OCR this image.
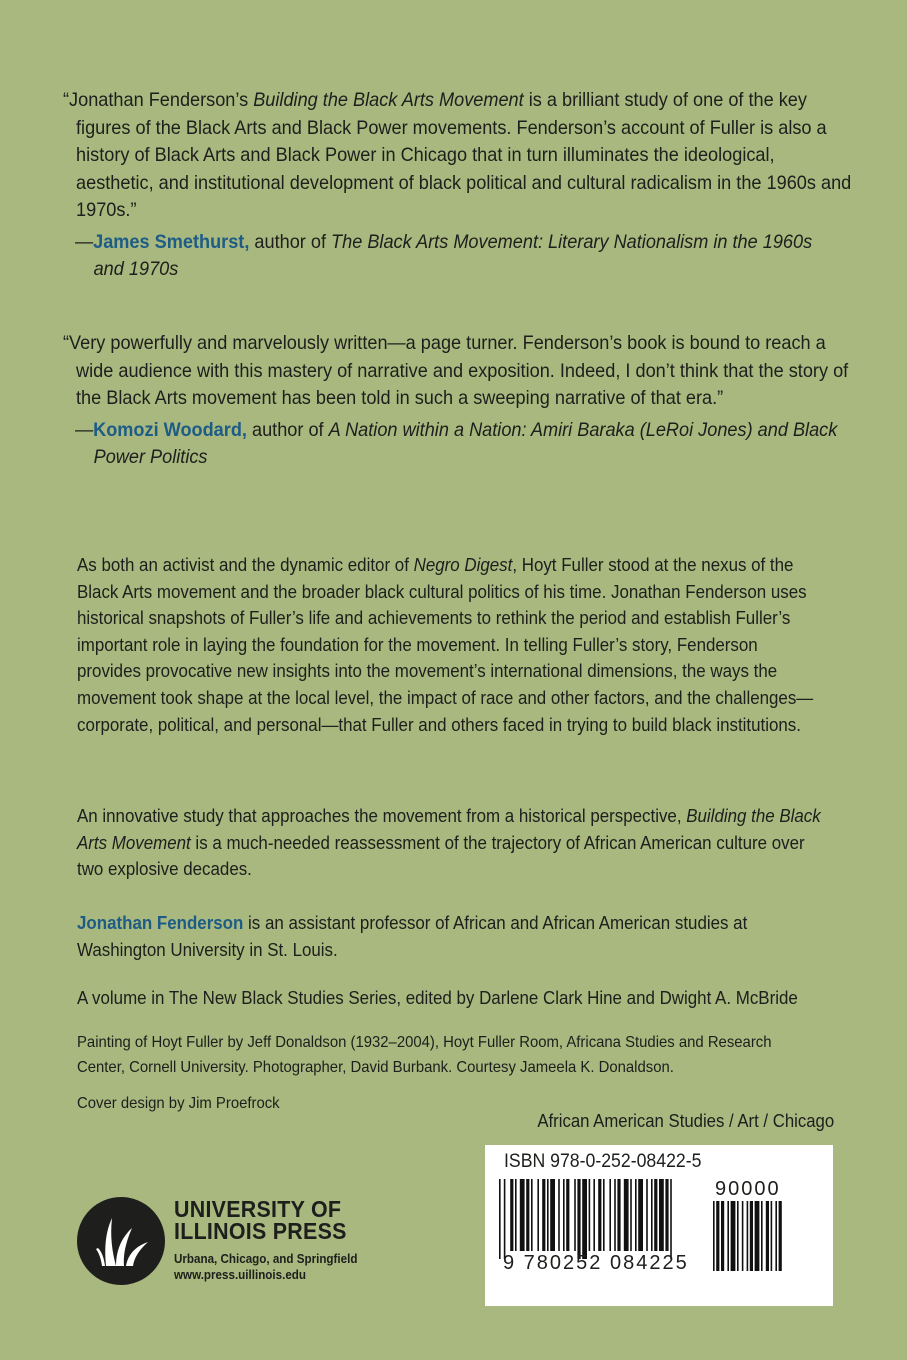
“Jonathan Fenderson’s Building the Black Arts Movement is a brilliant study of one of the key figures of the Black Arts and Black Power movements. Fenderson’s account of Fuller is also a history of Black Arts and Black Power in Chicago that in turn illuminates the ideological, aesthetic, and institutional development of black political and cultural radicalism in the 1960s and 1970s.”

—James Smethurst, author of The Black Arts Movement: Literary Nationalism in the 1960s and 1970s

“Very powerfully and marvelously written—a page turner. Fenderson’s book is bound to reach a wide audience with this mastery of narrative and exposition. Indeed, I don’t think that the story of the Black Arts movement has been told in such a sweeping narrative of that era.”

—Komozi Woodard, author of A Nation within a Nation: Amiri Baraka (LeRoi Jones) and Black Power Politics

As both an activist and the dynamic editor of Negro Digest, Hoyt Fuller stood at the nexus of the Black Arts movement and the broader black cultural politics of his time. Jonathan Fenderson uses historical snapshots of Fuller’s life and achievements to rethink the period and establish Fuller’s important role in laying the foundation for the movement. In telling Fuller’s story, Fenderson provides provocative new insights into the movement’s international dimensions, the ways the movement took shape at the local level, the impact of race and other factors, and the challenges—corporate, political, and personal—that Fuller and others faced in trying to build black institutions.

An innovative study that approaches the movement from a historical perspective, Building the Black Arts Movement is a much-needed reassessment of the trajectory of African American culture over two explosive decades.

Jonathan Fenderson is an assistant professor of African and African American studies at Washington University in St. Louis.

A volume in The New Black Studies Series, edited by Darlene Clark Hine and Dwight A. McBride

Painting of Hoyt Fuller by Jeff Donaldson (1932–2004), Hoyt Fuller Room, Africana Studies and Research Center, Cornell University. Photographer, David Burbank. Courtesy Jameela K. Donaldson.

Cover design by Jim Proefrock

African American Studies / Art / Chicago
ISBN 978-0-252-08422-5
9 780252 084225
90000
UNIVERSITY OF
ILLINOIS PRESS
Urbana, Chicago, and Springfield
www.press.uillinois.edu
